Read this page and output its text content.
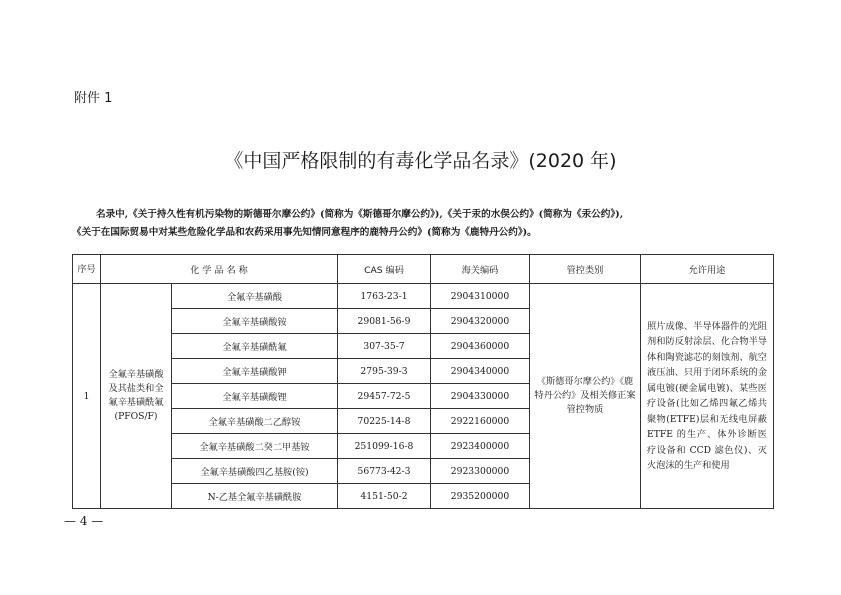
附件 1
《中国严格限制的有毒化学品名录》(2020 年)
名录中,《关于持久性有机污染物的斯德哥尔摩公约》(简称为《斯德哥尔摩公约》),《关于汞的水俣公约》(简称为《汞公约》),
《关于在国际贸易中对某些危险化学品和农药采用事先知情同意程序的鹿特丹公约》(简称为《鹿特丹公约》)。
序号	化 学 品 名 称		CAS 编码	海关编码	管控类别	允许用途
1	全氟辛基磺酸及其盐类和全氟辛基磺酰氟(PFOS/F)	全氟辛基磺酸	1763-23-1	2904310000	《斯德哥尔摩公约》《鹿特丹公约》及相关修正案管控物质	照片成像、半导体器件的光阻剂和防反射涂层、化合物半导体和陶瓷滤芯的刻蚀剂、航空液压油、只用于闭环系统的金属电镀(硬金属电镀)、某些医疗设备(比如乙烯四氟乙烯共聚物(ETFE)层和无线电屏蔽ETFE 的生产、体外诊断医疗设备和 CCD 滤色仪)、灭火泡沫的生产和使用
		全氟辛基磺酸铵	29081-56-9	2904320000		
		全氟辛基磺酰氟	307-35-7	2904360000		
		全氟辛基磺酸钾	2795-39-3	2904340000		
		全氟辛基磺酸锂	29457-72-5	2904330000		
		全氟辛基磺酸二乙醇铵	70225-14-8	2922160000		
		全氟辛基磺酸二癸二甲基铵	251099-16-8	2923400000		
		全氟辛基磺酸四乙基胺(铵)	56773-42-3	2923300000		
		N-乙基全氟辛基磺酰胺	4151-50-2	2935200000		
— 4 —
